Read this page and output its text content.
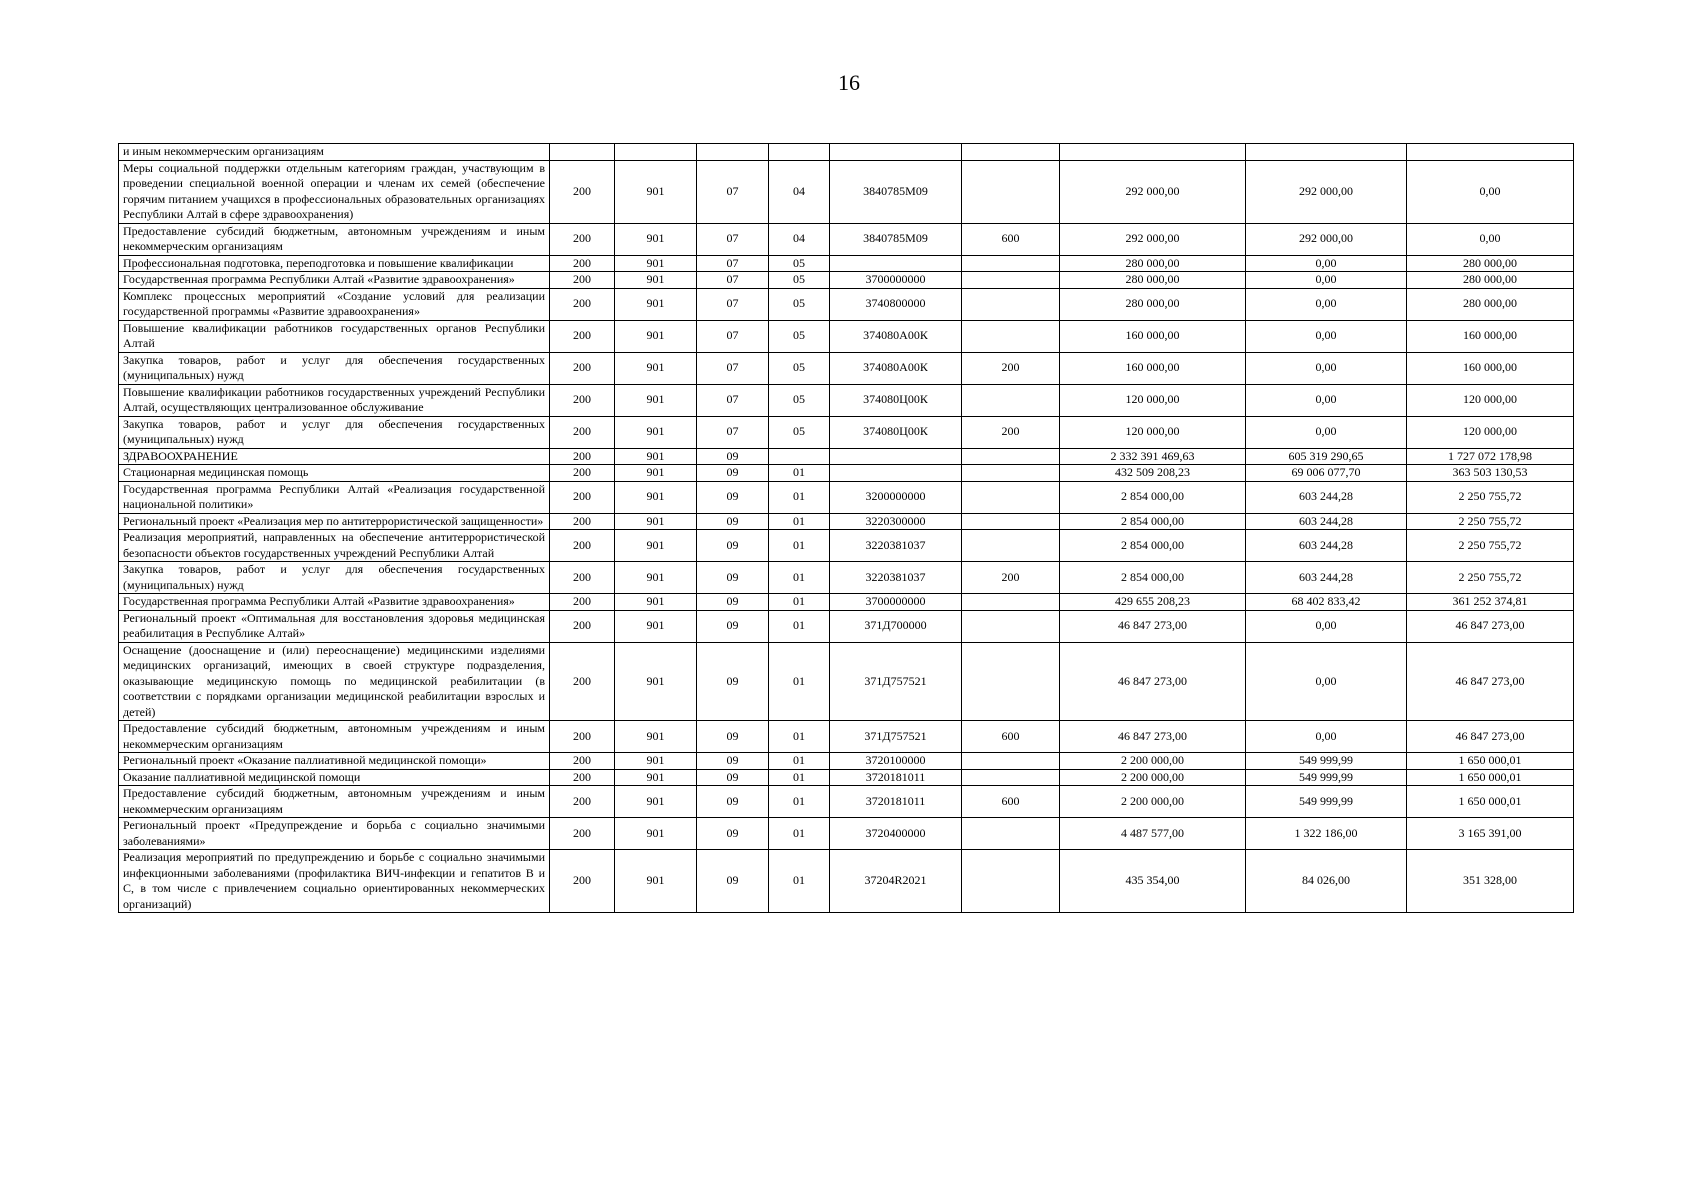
16
и иным некоммерческим организациям									
Меры социальной поддержки отдельным категориям граждан, участвующим в проведении специальной военной операции и членам их семей (обеспечение горячим питанием учащихся в профессиональных образовательных организациях Республики Алтай в сфере здравоохранения)	200	901	07	04	3840785М09		292 000,00	292 000,00	0,00
Предоставление субсидий бюджетным, автономным учреждениям и иным некоммерческим организациям	200	901	07	04	3840785М09	600	292 000,00	292 000,00	0,00
Профессиональная подготовка, переподготовка и повышение квалификации	200	901	07	05			280 000,00	0,00	280 000,00
Государственная программа Республики Алтай «Развитие здравоохранения»	200	901	07	05	3700000000		280 000,00	0,00	280 000,00
Комплекс процессных мероприятий «Создание условий для реализации государственной программы «Развитие здравоохранения»	200	901	07	05	3740800000		280 000,00	0,00	280 000,00
Повышение квалификации работников государственных органов Республики Алтай	200	901	07	05	374080А00К		160 000,00	0,00	160 000,00
Закупка товаров, работ и услуг для обеспечения государственных (муниципальных) нужд	200	901	07	05	374080А00К	200	160 000,00	0,00	160 000,00
Повышение квалификации работников государственных учреждений Республики Алтай, осуществляющих централизованное обслуживание	200	901	07	05	374080Ц00К		120 000,00	0,00	120 000,00
Закупка товаров, работ и услуг для обеспечения государственных (муниципальных) нужд	200	901	07	05	374080Ц00К	200	120 000,00	0,00	120 000,00
ЗДРАВООХРАНЕНИЕ	200	901	09				2 332 391 469,63	605 319 290,65	1 727 072 178,98
Стационарная медицинская помощь	200	901	09	01			432 509 208,23	69 006 077,70	363 503 130,53
Государственная программа Республики Алтай «Реализация государственной национальной политики»	200	901	09	01	3200000000		2 854 000,00	603 244,28	2 250 755,72
Региональный проект «Реализация мер по антитеррористической защищенности»	200	901	09	01	3220300000		2 854 000,00	603 244,28	2 250 755,72
Реализация мероприятий, направленных на обеспечение антитеррористической безопасности объектов государственных учреждений Республики Алтай	200	901	09	01	3220381037		2 854 000,00	603 244,28	2 250 755,72
Закупка товаров, работ и услуг для обеспечения государственных (муниципальных) нужд	200	901	09	01	3220381037	200	2 854 000,00	603 244,28	2 250 755,72
Государственная программа Республики Алтай «Развитие здравоохранения»	200	901	09	01	3700000000		429 655 208,23	68 402 833,42	361 252 374,81
Региональный проект «Оптимальная для восстановления здоровья медицинская реабилитация в Республике Алтай»	200	901	09	01	371Д700000		46 847 273,00	0,00	46 847 273,00
Оснащение (дооснащение и (или) переоснащение) медицинскими изделиями медицинских организаций, имеющих в своей структуре подразделения, оказывающие медицинскую помощь по медицинской реабилитации (в соответствии с порядками организации медицинской реабилитации взрослых и детей)	200	901	09	01	371Д757521		46 847 273,00	0,00	46 847 273,00
Предоставление субсидий бюджетным, автономным учреждениям и иным некоммерческим организациям	200	901	09	01	371Д757521	600	46 847 273,00	0,00	46 847 273,00
Региональный проект «Оказание паллиативной медицинской помощи»	200	901	09	01	3720100000		2 200 000,00	549 999,99	1 650 000,01
Оказание паллиативной медицинской помощи	200	901	09	01	3720181011		2 200 000,00	549 999,99	1 650 000,01
Предоставление субсидий бюджетным, автономным учреждениям и иным некоммерческим организациям	200	901	09	01	3720181011	600	2 200 000,00	549 999,99	1 650 000,01
Региональный проект «Предупреждение и борьба с социально значимыми заболеваниями»	200	901	09	01	3720400000		4 487 577,00	1 322 186,00	3 165 391,00
Реализация мероприятий по предупреждению и борьбе с социально значимыми инфекционными заболеваниями (профилактика ВИЧ-инфекции и гепатитов В и С, в том числе с привлечением социально ориентированных некоммерческих организаций)	200	901	09	01	37204R2021		435 354,00	84 026,00	351 328,00
